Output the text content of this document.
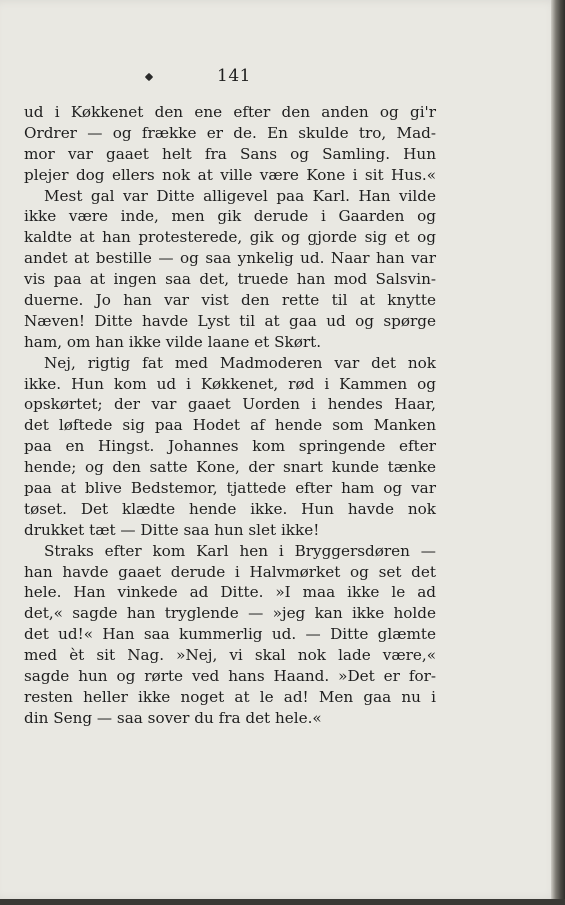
141
ud i Køkkenet den ene efter den anden og gi'r
Ordrer — og frække er de. En skulde tro, Mad-
mor var gaaet helt fra Sans og Samling. Hun
plejer dog ellers nok at ville være Kone i sit Hus.«
Mest gal var Ditte alligevel paa Karl. Han vilde
ikke være inde, men gik derude i Gaarden og
kaldte at han protesterede, gik og gjorde sig et og
andet at bestille — og saa ynkelig ud. Naar han var
vis paa at ingen saa det, truede han mod Salsvin-
duerne. Jo han var vist den rette til at knytte
Næven! Ditte havde Lyst til at gaa ud og spørge
ham, om han ikke vilde laane et Skørt.
Nej, rigtig fat med Madmoderen var det nok
ikke. Hun kom ud i Køkkenet, rød i Kammen og
opskørtet; der var gaaet Uorden i hendes Haar,
det løftede sig paa Hodet af hende som Manken
paa en Hingst. Johannes kom springende efter
hende; og den satte Kone, der snart kunde tænke
paa at blive Bedstemor, tjattede efter ham og var
tøset. Det klædte hende ikke. Hun havde nok
drukket tæt — Ditte saa hun slet ikke!
Straks efter kom Karl hen i Bryggersdøren —
han havde gaaet derude i Halvmørket og set det
hele. Han vinkede ad Ditte. »I maa ikke le ad
det,« sagde han tryglende — »jeg kan ikke holde
det ud!« Han saa kummerlig ud. — Ditte glæmte
med èt sit Nag. »Nej, vi skal nok lade være,«
sagde hun og rørte ved hans Haand. »Det er for-
resten heller ikke noget at le ad! Men gaa nu i
din Seng — saa sover du fra det hele.«
